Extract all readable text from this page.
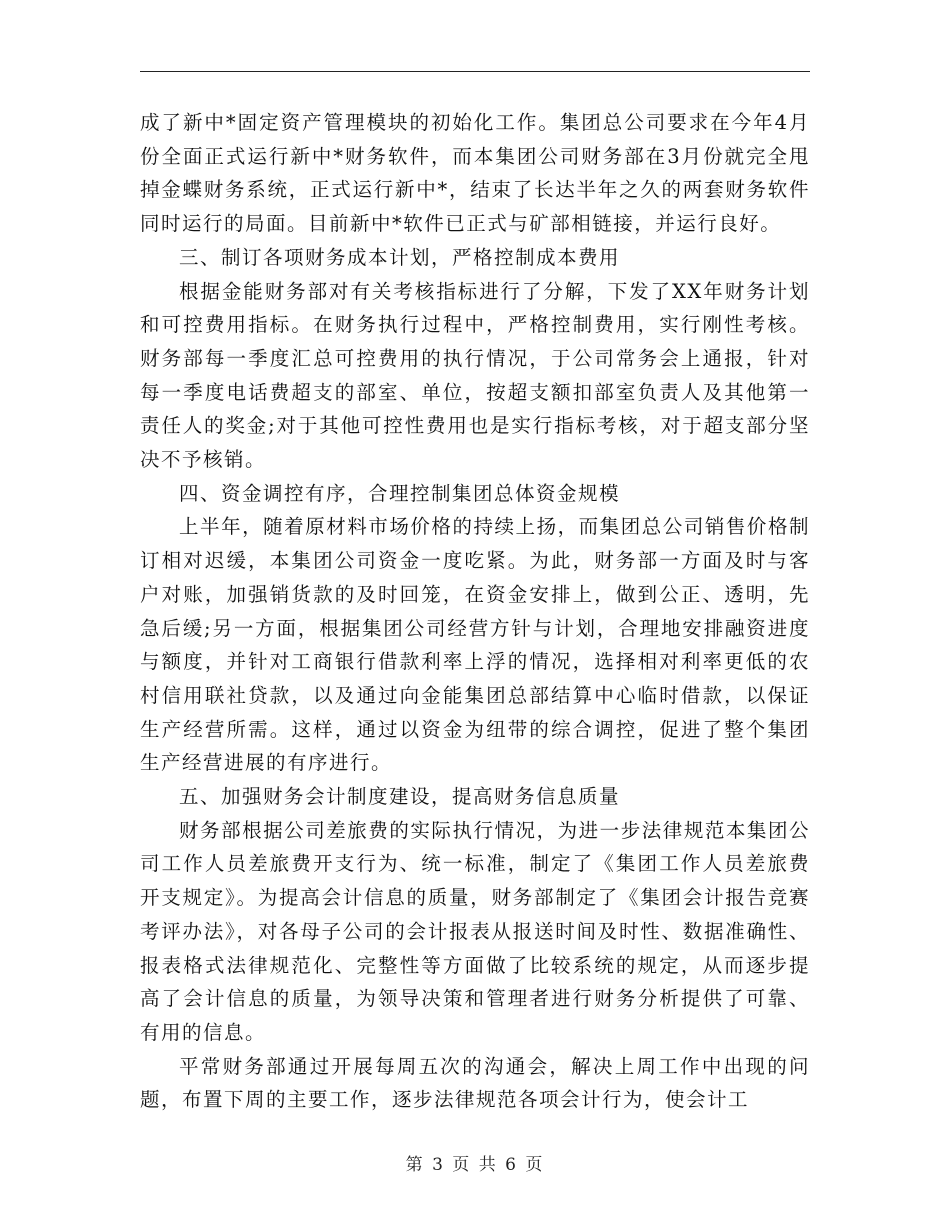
成了新中*固定资产管理模块的初始化工作。集团总公司要求在今年4月份全面正式运行新中*财务软件，而本集团公司财务部在3月份就完全甩掉金蝶财务系统，正式运行新中*，结束了长达半年之久的两套财务软件同时运行的局面。目前新中*软件已正式与矿部相链接，并运行良好。

三、制订各项财务成本计划，严格控制成本费用

根据金能财务部对有关考核指标进行了分解，下发了XX年财务计划和可控费用指标。在财务执行过程中，严格控制费用，实行刚性考核。财务部每一季度汇总可控费用的执行情况，于公司常务会上通报，针对每一季度电话费超支的部室、单位，按超支额扣部室负责人及其他第一责任人的奖金;对于其他可控性费用也是实行指标考核，对于超支部分坚决不予核销。

四、资金调控有序，合理控制集团总体资金规模

上半年，随着原材料市场价格的持续上扬，而集团总公司销售价格制订相对迟缓，本集团公司资金一度吃紧。为此，财务部一方面及时与客户对账，加强销货款的及时回笼，在资金安排上，做到公正、透明，先急后缓;另一方面，根据集团公司经营方针与计划，合理地安排融资进度与额度，并针对工商银行借款利率上浮的情况，选择相对利率更低的农村信用联社贷款，以及通过向金能集团总部结算中心临时借款，以保证生产经营所需。这样，通过以资金为纽带的综合调控，促进了整个集团生产经营进展的有序进行。

五、加强财务会计制度建设，提高财务信息质量

财务部根据公司差旅费的实际执行情况，为进一步法律规范本集团公司工作人员差旅费开支行为、统一标准，制定了《集团工作人员差旅费开支规定》。为提高会计信息的质量，财务部制定了《集团会计报告竞赛考评办法》，对各母子公司的会计报表从报送时间及时性、数据准确性、报表格式法律规范化、完整性等方面做了比较系统的规定，从而逐步提高了会计信息的质量，为领导决策和管理者进行财务分析提供了可靠、有用的信息。

平常财务部通过开展每周五次的沟通会，解决上周工作中出现的问题，布置下周的主要工作，逐步法律规范各项会计行为，使会计工

第 3 页 共 6 页
